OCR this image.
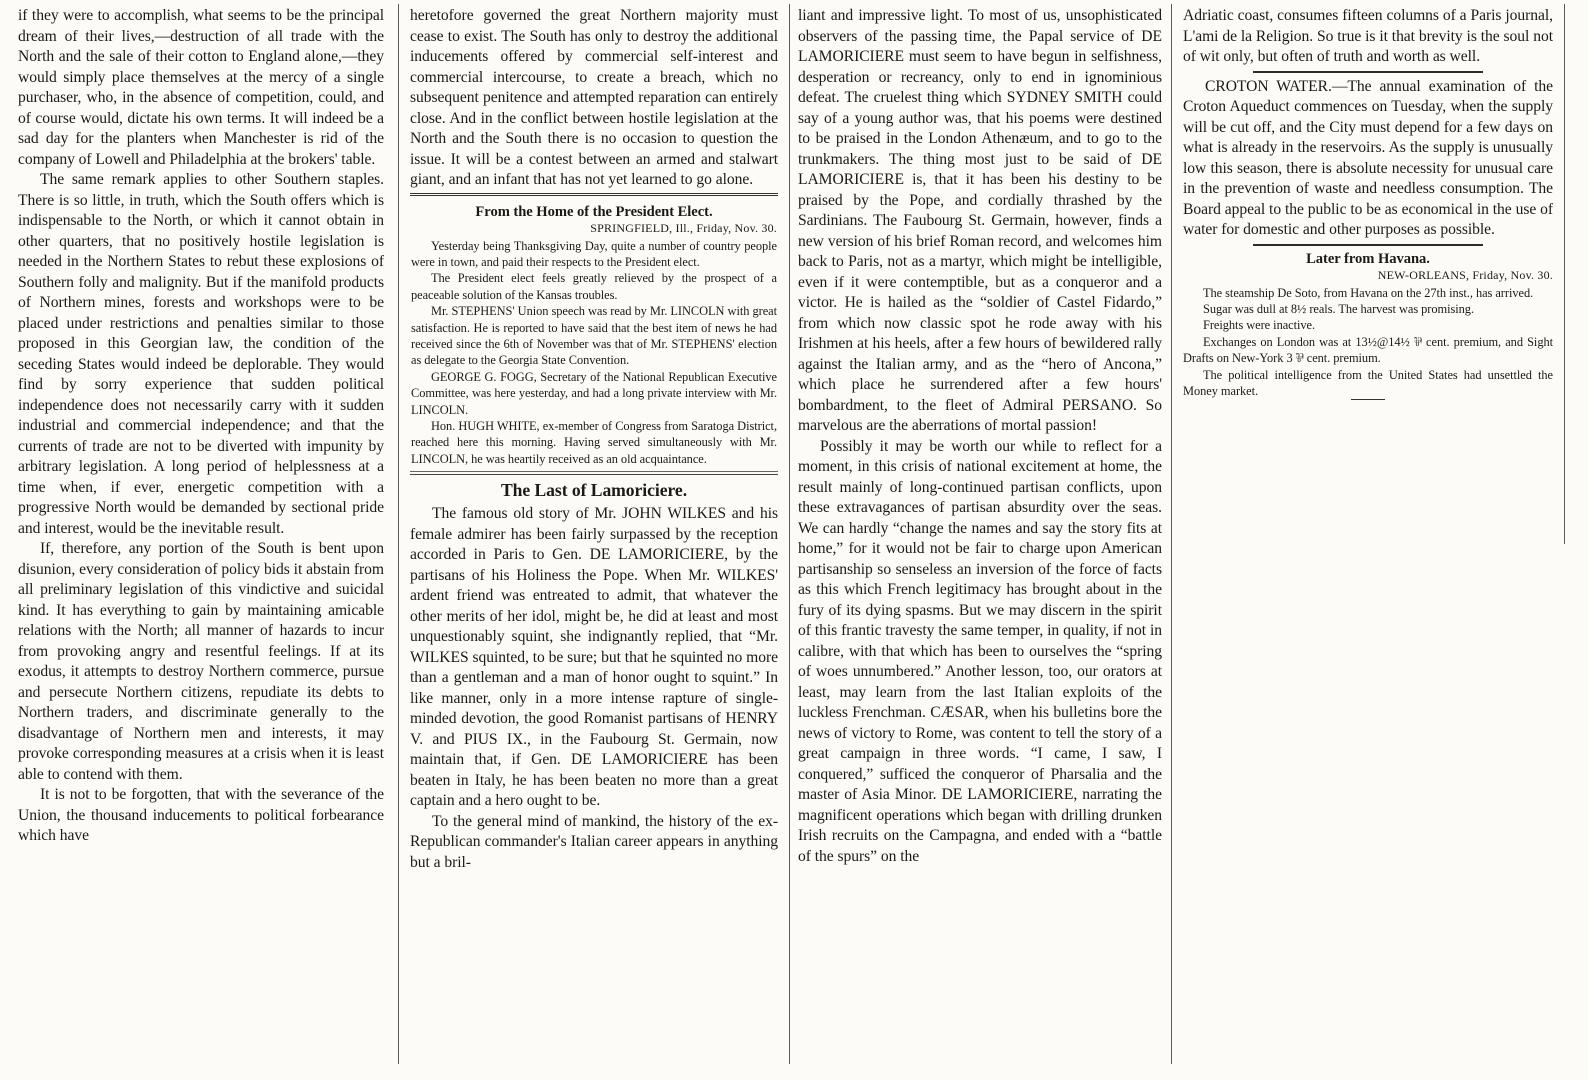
if they were to accomplish, what seems to be the principal dream of their lives,—destruction of all trade with the North and the sale of their cotton to England alone,—they would simply place themselves at the mercy of a single purchaser, who, in the absence of competition, could, and of course would, dictate his own terms. It will indeed be a sad day for the planters when Manchester is rid of the company of Lowell and Philadelphia at the brokers' table.

The same remark applies to other Southern staples. There is so little, in truth, which the South offers which is indispensable to the North, or which it cannot obtain in other quarters, that no positively hostile legislation is needed in the Northern States to rebut these explosions of Southern folly and malignity. But if the manifold products of Northern mines, forests and workshops were to be placed under restrictions and penalties similar to those proposed in this Georgian law, the condition of the seceding States would indeed be deplorable. They would find by sorry experience that sudden political independence does not necessarily carry with it sudden industrial and commercial independence; and that the currents of trade are not to be diverted with impunity by arbitrary legislation. A long period of helplessness at a time when, if ever, energetic competition with a progressive North would be demanded by sectional pride and interest, would be the inevitable result.

If, therefore, any portion of the South is bent upon disunion, every consideration of policy bids it abstain from all preliminary legislation of this vindictive and suicidal kind. It has everything to gain by maintaining amicable relations with the North; all manner of hazards to incur from provoking angry and resentful feelings. If at its exodus, it attempts to destroy Northern commerce, pursue and persecute Northern citizens, repudiate its debts to Northern traders, and discriminate generally to the disadvantage of Northern men and interests, it may provoke corresponding measures at a crisis when it is least able to contend with them.

It is not to be forgotten, that with the severance of the Union, the thousand inducements to political forbearance which have

heretofore governed the great Northern majority must cease to exist. The South has only to destroy the additional inducements offered by commercial self-interest and commercial intercourse, to create a breach, which no subsequent penitence and attempted reparation can entirely close. And in the conflict between hostile legislation at the North and the South there is no occasion to question the issue. It will be a contest between an armed and stalwart giant, and an infant that has not yet learned to go alone.

From the Home of the President Elect.
SPRINGFIELD, Ill., Friday, Nov. 30.

Yesterday being Thanksgiving Day, quite a number of country people were in town, and paid their respects to the President elect.

The President elect feels greatly relieved by the prospect of a peaceable solution of the Kansas troubles.

Mr. STEPHENS' Union speech was read by Mr. LINCOLN with great satisfaction. He is reported to have said that the best item of news he had received since the 6th of November was that of Mr. STEPHENS' election as delegate to the Georgia State Convention.

GEORGE G. FOGG, Secretary of the National Republican Executive Committee, was here yesterday, and had a long private interview with Mr. LINCOLN.

Hon. HUGH WHITE, ex-member of Congress from Saratoga District, reached here this morning. Having served simultaneously with Mr. LINCOLN, he was heartily received as an old acquaintance.

The Last of Lamoriciere.

The famous old story of Mr. JOHN WILKES and his female admirer has been fairly surpassed by the reception accorded in Paris to Gen. DE LAMORICIERE, by the partisans of his Holiness the Pope. When Mr. WILKES' ardent friend was entreated to admit, that whatever the other merits of her idol, might be, he did at least and most unquestionably squint, she indignantly replied, that “Mr. WILKES squinted, to be sure; but that he squinted no more than a gentleman and a man of honor ought to squint.” In like manner, only in a more intense rapture of single-minded devotion, the good Romanist partisans of HENRY V. and PIUS IX., in the Faubourg St. Germain, now maintain that, if Gen. DE LAMORICIERE has been beaten in Italy, he has been beaten no more than a great captain and a hero ought to be.

To the general mind of mankind, the history of the ex-Republican commander's Italian career appears in anything but a bril-

liant and impressive light. To most of us, unsophisticated observers of the passing time, the Papal service of DE LAMORICIERE must seem to have begun in selfishness, desperation or recreancy, only to end in ignominious defeat. The cruelest thing which SYDNEY SMITH could say of a young author was, that his poems were destined to be praised in the London Athenæum, and to go to the trunkmakers. The thing most just to be said of DE LAMORICIERE is, that it has been his destiny to be praised by the Pope, and cordially thrashed by the Sardinians. The Faubourg St. Germain, however, finds a new version of his brief Roman record, and welcomes him back to Paris, not as a martyr, which might be intelligible, even if it were contemptible, but as a conqueror and a victor. He is hailed as the “soldier of Castel Fidardo,” from which now classic spot he rode away with his Irishmen at his heels, after a few hours of bewildered rally against the Italian army, and as the “hero of Ancona,” which place he surrendered after a few hours' bombardment, to the fleet of Admiral PERSANO. So marvelous are the aberrations of mortal passion!

Possibly it may be worth our while to reflect for a moment, in this crisis of national excitement at home, the result mainly of long-continued partisan conflicts, upon these extravagances of partisan absurdity over the seas. We can hardly “change the names and say the story fits at home,” for it would not be fair to charge upon American partisanship so senseless an inversion of the force of facts as this which French legitimacy has brought about in the fury of its dying spasms. But we may discern in the spirit of this frantic travesty the same temper, in quality, if not in calibre, with that which has been to ourselves the “spring of woes unnumbered.” Another lesson, too, our orators at least, may learn from the last Italian exploits of the luckless Frenchman. CÆSAR, when his bulletins bore the news of victory to Rome, was content to tell the story of a great campaign in three words. “I came, I saw, I conquered,” sufficed the conqueror of Pharsalia and the master of Asia Minor. DE LAMORICIERE, narrating the magnificent operations which began with drilling drunken Irish recruits on the Campagna, and ended with a “battle of the spurs” on the

Adriatic coast, consumes fifteen columns of a Paris journal, L'ami de la Religion. So true is it that brevity is the soul not of wit only, but often of truth and worth as well.

CROTON WATER.—The annual examination of the Croton Aqueduct commences on Tuesday, when the supply will be cut off, and the City must depend for a few days on what is already in the reservoirs. As the supply is unusually low this season, there is absolute necessity for unusual care in the prevention of waste and needless consumption. The Board appeal to the public to be as economical in the use of water for domestic and other purposes as possible.

Later from Havana.
NEW-ORLEANS, Friday, Nov. 30.

The steamship De Soto, from Havana on the 27th inst., has arrived.

Sugar was dull at 8½ reals. The harvest was promising.

Freights were inactive.

Exchanges on London was at 13½@14½ ⅌ cent. premium, and Sight Drafts on New-York 3 ⅌ cent. premium.

The political intelligence from the United States had unsettled the Money market.
